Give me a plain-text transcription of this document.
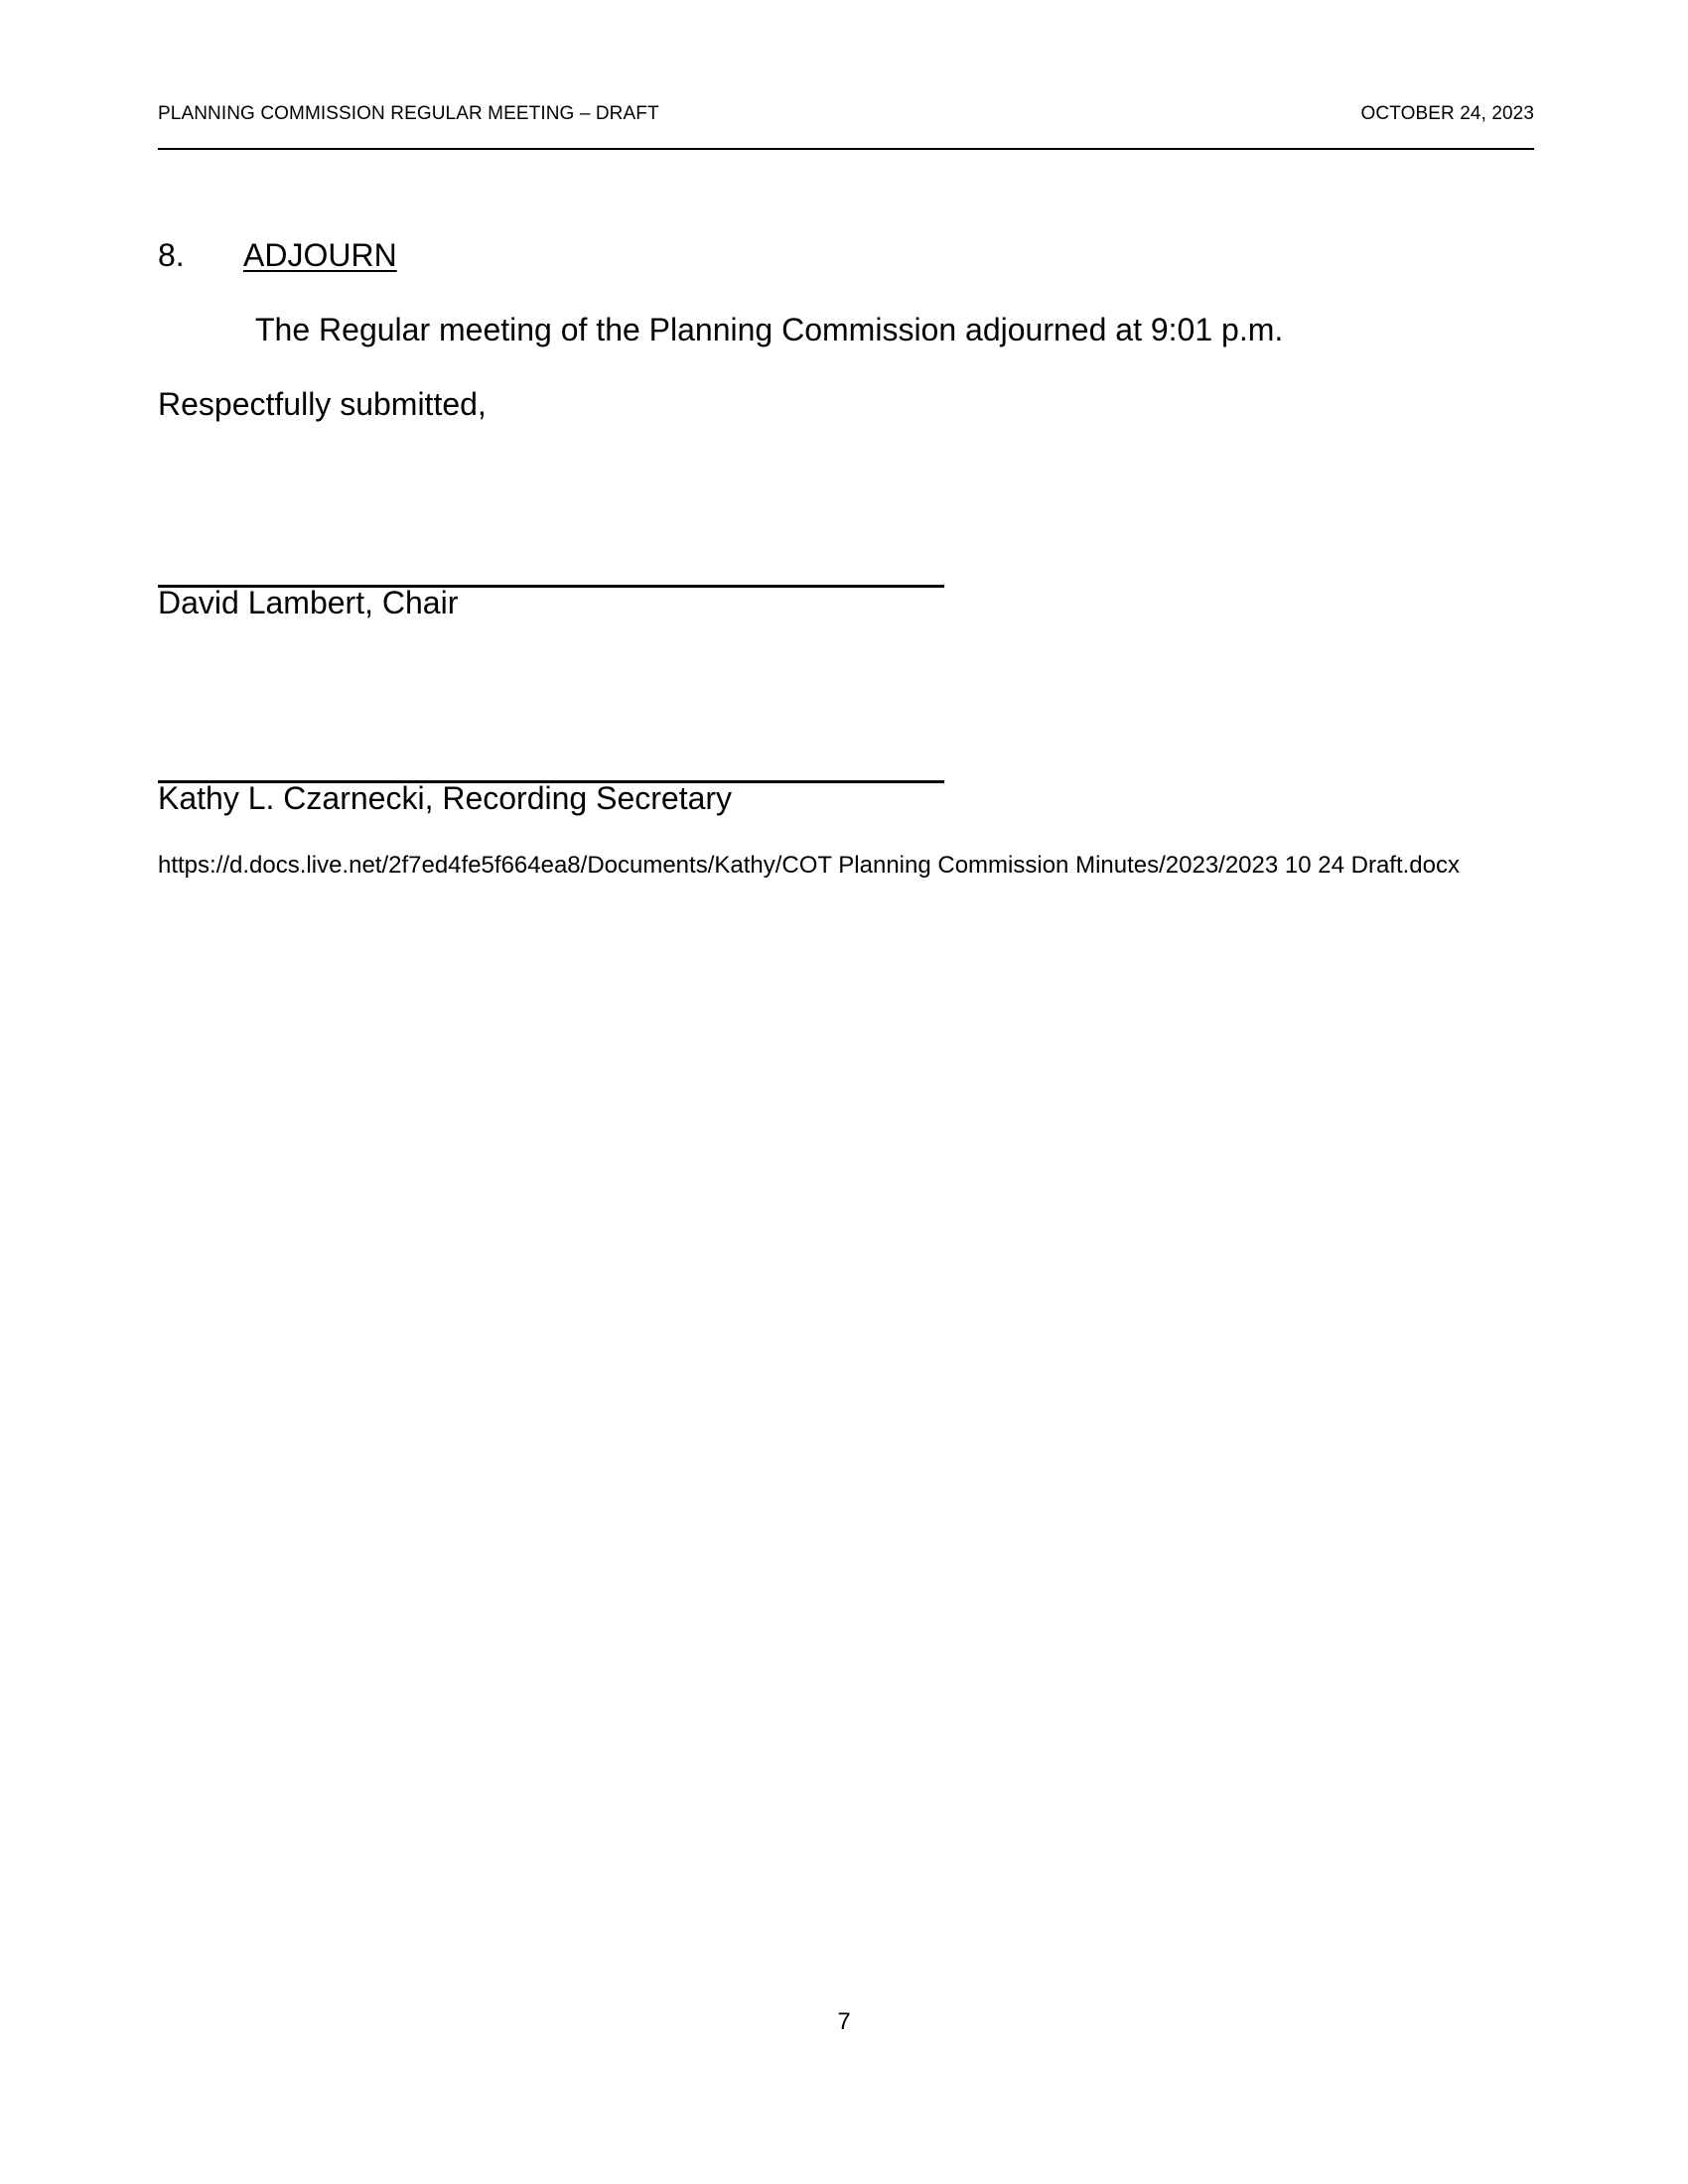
PLANNING COMMISSION REGULAR MEETING – DRAFT	OCTOBER 24, 2023
8. ADJOURN
The Regular meeting of the Planning Commission adjourned at 9:01 p.m.
Respectfully submitted,
David Lambert, Chair
Kathy L. Czarnecki, Recording Secretary
https://d.docs.live.net/2f7ed4fe5f664ea8/Documents/Kathy/COT Planning Commission Minutes/2023/2023 10 24 Draft.docx
7
